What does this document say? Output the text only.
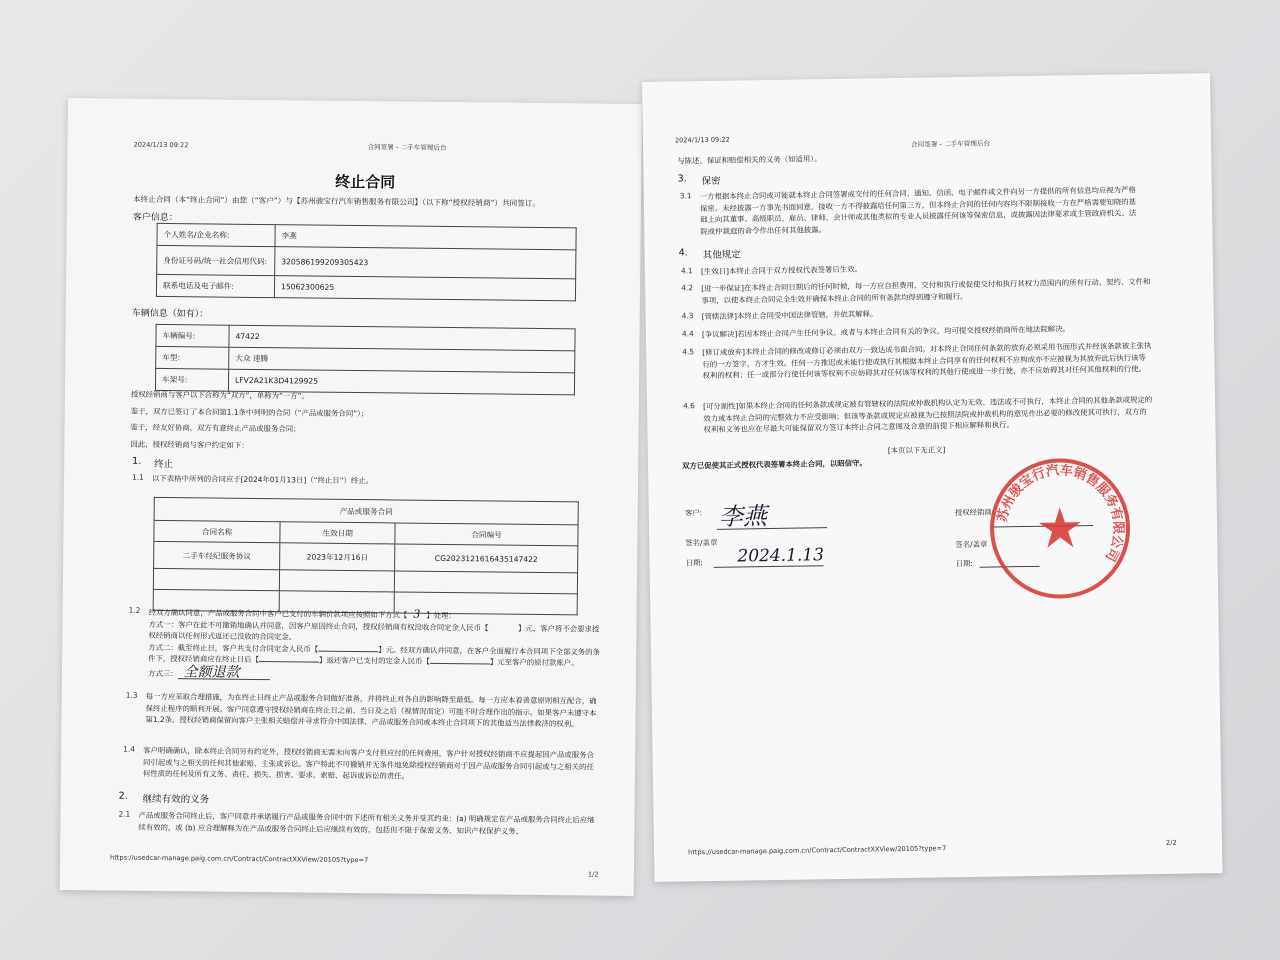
2024/1/13 09:22	合同签署 - 二手车管理后台
终止合同
本终止合同（本“终止合同”）由您（“客户”）与【苏州骏宝行汽车销售服务有限公司】（以下称“授权经销商”）共同签订。
客户信息：
个人姓名/企业名称:	李燕
身份证号码/统一社会信用代码:	320586199209305423
联系电话及电子邮件:	15062300625
车辆信息（如有）：
车辆编号:	47422
车型:	大众 速腾
车架号:	LFV2A21K3D4129925
授权经销商与客户以下合称为“双方”，单称为“一方”。
鉴于，双方已签订了本合同第1.1条中列明的合同（“产品或服务合同”）；
鉴于，经友好协商，双方有意终止产品或服务合同；
因此，授权经销商与客户约定如下：
1. 终止
1.1 以下表格中所列的合同应于[2024年01月13日]（“终止日”）终止。
产品或服务合同		
合同名称	生效日期	合同编号
二手车经纪服务协议	2023年12月16日	CG20231216164351474​22

1.2 经双方确认同意，产品或服务合同中客户已支付的车辆价款项应按照如下方式【 3 】处理：
方式一：客户在此不可撤销地确认并同意，因客户原因终止合同，授权经销商有权没收合同定金人民币【　　　　】元，客户将不会要求授权经销商以任何形式返还已没收的合同定金。
方式二：截至终止日，客户共支付合同定金人民币【	】元。经双方确认并同意，在客户全面履行本合同项下全部义务的条件下，授权经销商应在终止日后【	】返还客户已支付的定金人民币【	】元至客户的原付款账户。
方式三： 全额退款
1.3 每一方应采取合理措施，为在终止日终止产品或服务合同做好准备，并将终止对各自的影响降至最低。每一方应本着善意原则相互配合，确保终止程序的顺利开展。客户同意遵守授权经销商在终止日之前、当日及之后（视情况而定）可能不时合理作出的指示。如果客户未遵守本第1.2条，授权经销商保留向客户主张相关赔偿并寻求符合中国法律、产品或服务合同或本终止合同项下的其他适当法律救济的权利。
1.4 客户明确确认，除本终止合同另有约定外，授权经销商无需未向客户支付但应付的任何费用，客户针对授权经销商不应提起因产品或服务合同引起或与之相关的任何其他索赔、主张或诉讼。客户特此不可撤销并无条件地免除授权经销商对于因产品或服务合同引起或与之相关的任何性质的任何及所有义务、责任、损失、损害、要求、索赔、起诉或诉讼的责任。
2. 继续有效的义务
2.1 产品或服务合同终止后，客户同意并承诺履行产品或服务合同中的下述所有相关义务并受其约束：(a) 明确规定在产品或服务合同终止后应继续有效的，或 (b) 应合理解释为在产品或服务合同终止后应继续有效的，包括但不限于保密义务、知识产权保护义务、
https://usedcar-manage.paig.com.cn/Contract/ContractXXView/20105?type=7
1/2
2024/1/13 09:22	合同签署 - 二手车管理后台
与陈述、保证和赔偿相关的义务（如适用）。
3. 保密
3.1 一方根据本终止合同或可能就本终止合同签署或交付的任何合同、通知、信函、电子邮件或文件向另一方提供的所有信息均应视为严格保密。未经披露一方事先书面同意，接收一方不得披露给任何第三方，但本终止合同的任何内容均不限制接收一方在严格需要知晓的基础上向其董事、高级职员、雇员、律师、会计师或其他类似的专业人员披露任何该等保密信息，或披露因法律要求或主管政府机关、法院或仲裁庭的命令作出任何其他披露。
4. 其他规定
4.1 [生效日]本终止合同于双方授权代表签署后生效。
4.2 [进一步保证]在本终止合同日期后的任何时候，每一方应自担费用，交付和执行或促使交付和执行其权力范围内的所有行动、契约、文件和事项，以使本终止合同完全生效并确保本终止合同的所有条款均得到遵守和履行。
4.3 [管辖法律]本终止合同受中国法律管辖，并依其解释。
4.4 [争议解决]若因本终止合同产生任何争议、或者与本终止合同有关的争议，均可提交授权经销商所在地法院解决。
4.5 [修订或放弃]本终止合同的修改或修订必须由双方一致达成书面合同。对本终止合同任何条款的放弃必须采用书面形式并经该条款被主张执行的一方签字，方才生效。任何一方推迟或未能行使或执行其根据本终止合同享有的任何权利不应构成亦不应被视为其放弃此后执行该等权利的权利；任一或部分行使任何该等权利不应妨碍其对任何该等权利的其他行使或进一步行使，亦不应妨碍其对任何其他权利的行使。
4.6 [可分割性]如果本终止合同的任何条款或规定被有管辖权的法院或仲裁机构认定为无效、违法或不可执行，本终止合同的其他条款或规定的效力或本终止合同的完整效力不应受影响；但该等条款或规定应被视为已按照法院或仲裁机构的意见作出必要的修改使其可执行，双方的权利和义务也应在尽最大可能保留双方签订本终止合同之意图及合意的前提下相应解释和执行。
[本页以下无正文]
双方已促使其正式授权代表签署本终止合同，以昭信守。
客户: 李燕
签名/盖章
日期: 2024.1.13
授权经销商:
签名/盖章
日期:
苏州骏宝行汽车销售服务有限公司
https://usedcar-manage.paig.com.cn/Contract/ContractXXView/20105?type=7
2/2
